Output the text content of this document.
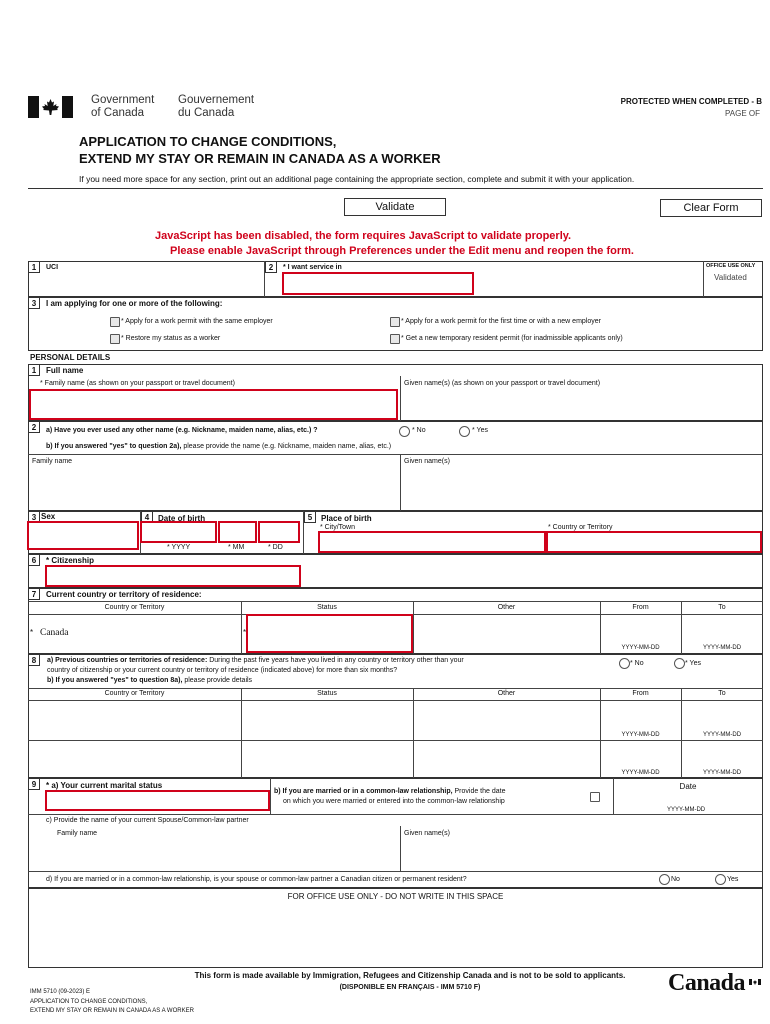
Government
of Canada
Gouvernement
du Canada
PROTECTED WHEN COMPLETED - B
PAGE OF
APPLICATION TO CHANGE CONDITIONS,
EXTEND MY STAY OR REMAIN IN CANADA AS A WORKER
If you need more space for any section, print out an additional page containing the appropriate section, complete and submit it with your application.
Validate	Clear Form
JavaScript has been disabled, the form requires JavaScript to validate properly.
Please enable JavaScript through Preferences under the Edit menu and reopen the form.
1	UCI	2	* I want service in	OFFICE USE ONLY
Validated
3	I am applying for one or more of the following:
* Apply for a work permit with the same employer
* Restore my status as a worker
* Apply for a work permit for the first time or with a new employer
* Get a new temporary resident permit (for inadmissible applicants only)
PERSONAL DETAILS
1	Full name
* Family name (as shown on your passport or travel document)	Given name(s) (as shown on your passport or travel document)
2	a) Have you ever used any other name (e.g. Nickname, maiden name, alias, etc.) ?	* No	* Yes
b) If you answered "yes" to question 2a), please provide the name (e.g. Nickname, maiden name, alias, etc.)
Family name	Given name(s)
3 Sex	4	Date of birth
* YYYY	* MM	* DD
5	Place of birth
* City/Town	* Country or Territory
6	* Citizenship
7	Current country or territory of residence:
Country or Territory	Status	Other	From	To
* Canada	*
YYYY-MM-DD	YYYY-MM-DD
8	a) Previous countries or territories of residence: During the past five years have you lived in any country or territory other than your
country of citizenship or your current country or territory of residence (indicated above) for more than six months?
b) If you answered "yes" to question 8a), please provide details
* No	* Yes
Country or Territory	Status	Other	From	To
YYYY-MM-DD	YYYY-MM-DD
YYYY-MM-DD	YYYY-MM-DD
9	* a) Your current marital status
b) If you are married or in a common-law relationship, Provide the date
on which you were married or entered into the common-law relationship
Date
YYYY-MM-DD
c) Provide the name of your current Spouse/Common-law partner
Family name	Given name(s)
d) If you are married or in a common-law relationship, is your spouse or common-law partner a Canadian citizen or permanent resident?	No	Yes
FOR OFFICE USE ONLY - DO NOT WRITE IN THIS SPACE
This form is made available by Immigration, Refugees and Citizenship Canada and is not to be sold to applicants.
(DISPONIBLE EN FRANÇAIS - IMM 5710 F)
IMM 5710 (09-2023) E
APPLICATION TO CHANGE CONDITIONS,
EXTEND MY STAY OR REMAIN IN CANADA AS A WORKER
Canada
